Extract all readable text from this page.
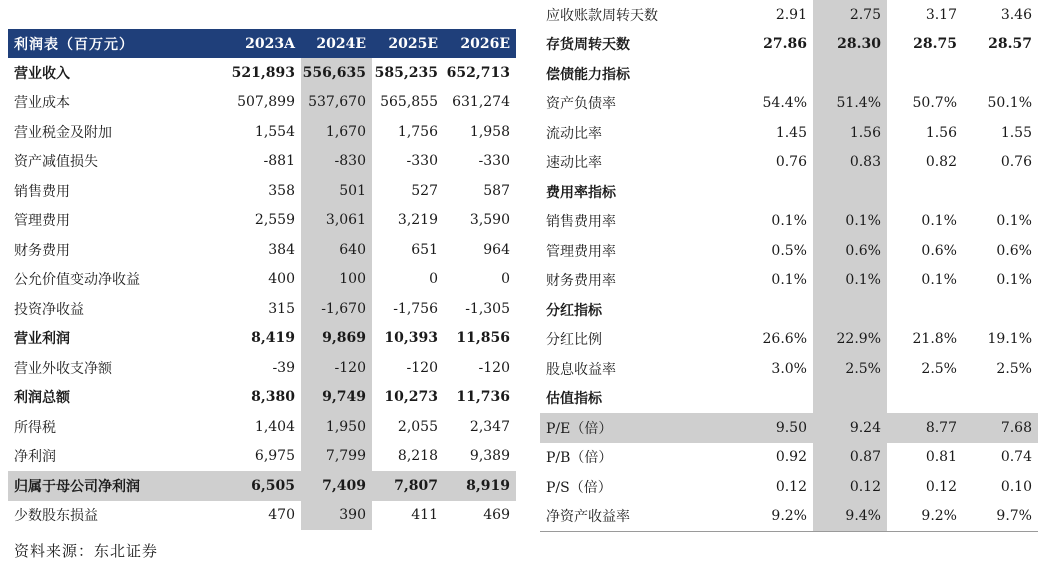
利润表（百万元）	2023A	2024E	2025E	2026E
营业收入	521,893	556,635	585,235	652,713
营业成本	507,899	537,670	565,855	631,274
营业税金及附加	1,554	1,670	1,756	1,958
资产减值损失	-881	-830	-330	-330
销售费用	358	501	527	587
管理费用	2,559	3,061	3,219	3,590
财务费用	384	640	651	964
公允价值变动净收益	400	100	0	0
投资净收益	315	-1,670	-1,756	-1,305
营业利润	8,419	9,869	10,393	11,856
营业外收支净额	-39	-120	-120	-120
利润总额	8,380	9,749	10,273	11,736
所得税	1,404	1,950	2,055	2,347
净利润	6,975	7,799	8,218	9,389
归属于母公司净利润	6,505	7,409	7,807	8,919
少数股东损益	470	390	411	469
应收账款周转天数	2.91	2.75	3.17	3.46
存货周转天数	27.86	28.30	28.75	28.57
偿债能力指标				
资产负债率	54.4%	51.4%	50.7%	50.1%
流动比率	1.45	1.56	1.56	1.55
速动比率	0.76	0.83	0.82	0.76
费用率指标				
销售费用率	0.1%	0.1%	0.1%	0.1%
管理费用率	0.5%	0.6%	0.6%	0.6%
财务费用率	0.1%	0.1%	0.1%	0.1%
分红指标				
分红比例	26.6%	22.9%	21.8%	19.1%
股息收益率	3.0%	2.5%	2.5%	2.5%
估值指标				
P/E（倍）	9.50	9.24	8.77	7.68
P/B（倍）	0.92	0.87	0.81	0.74
P/S（倍）	0.12	0.12	0.12	0.10
净资产收益率	9.2%	9.4%	9.2%	9.7%
资料来源：东北证券
